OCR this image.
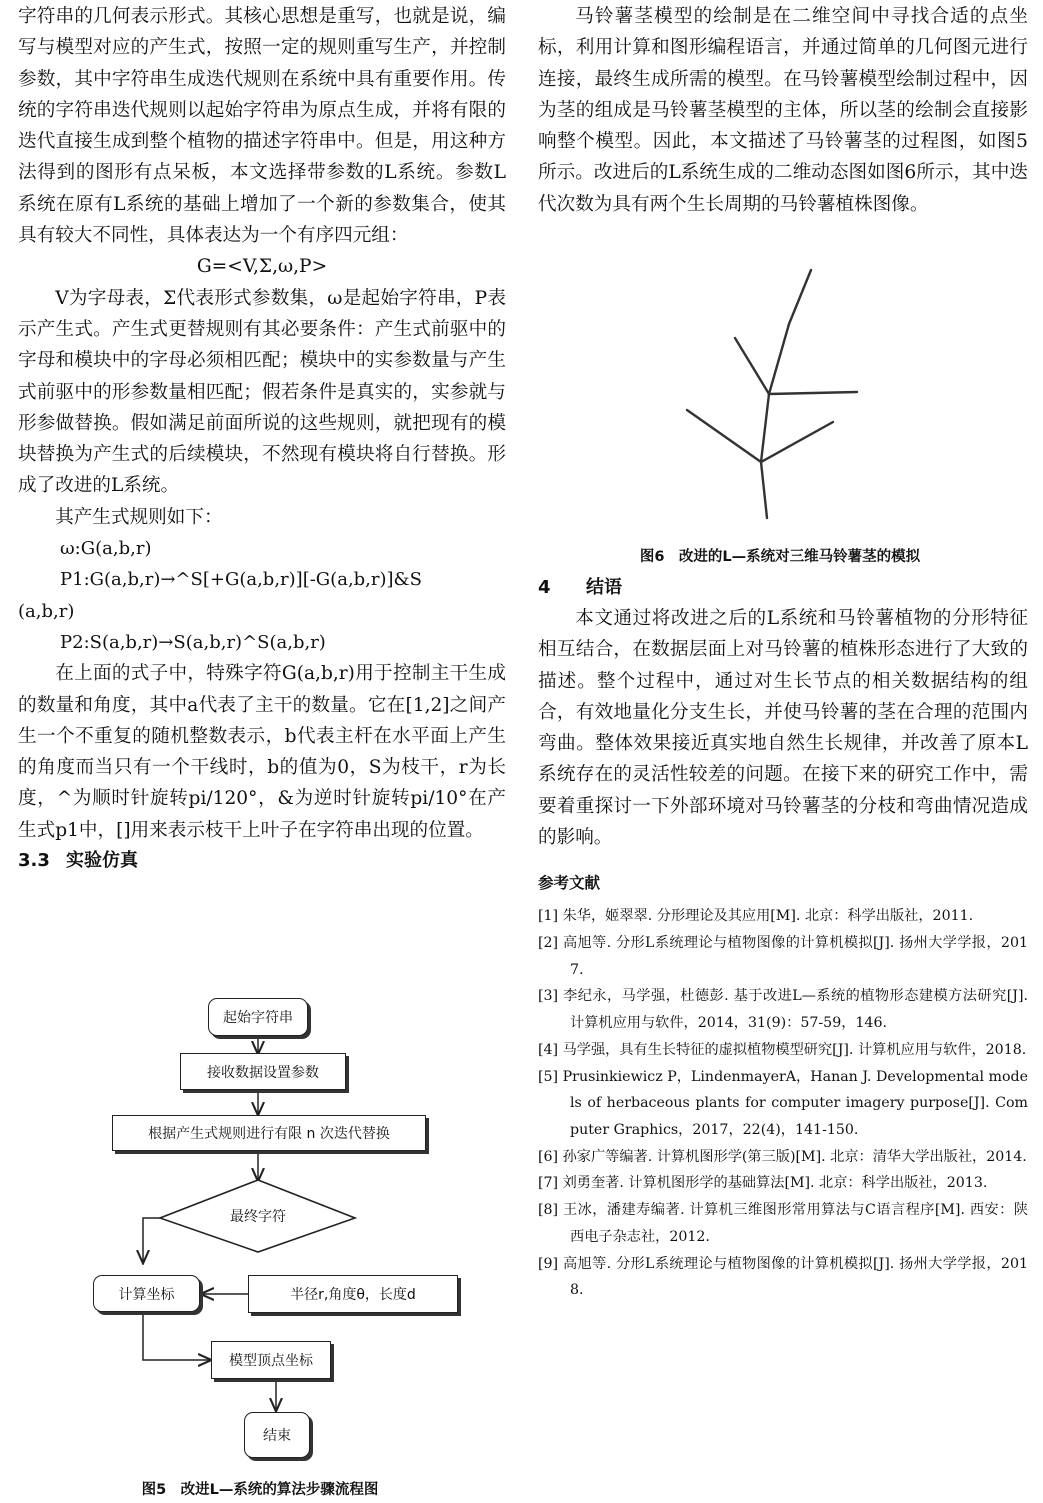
字符串的几何表示形式。其核心思想是重写，也就是说，编写与模型对应的产生式，按照一定的规则重写生产，并控制参数，其中字符串生成迭代规则在系统中具有重要作用。传统的字符串迭代规则以起始字符串为原点生成，并将有限的迭代直接生成到整个植物的描述字符串中。但是，用这种方法得到的图形有点呆板，本文选择带参数的L系统。参数L系统在原有L系统的基础上增加了一个新的参数集合，使其具有较大不同性，具体表达为一个有序四元组：

G=<V,Σ,ω,P>

V为字母表，Σ代表形式参数集，ω是起始字符串，P表示产生式。产生式更替规则有其必要条件：产生式前驱中的字母和模块中的字母必须相匹配；模块中的实参数量与产生式前驱中的形参数量相匹配；假若条件是真实的，实参就与形参做替换。假如满足前面所说的这些规则，就把现有的模块替换为产生式的后续模块，不然现有模块将自行替换。形成了改进的L系统。

其产生式规则如下：

ω:G(a,b,r)

P1:G(a,b,r)→^S[+G(a,b,r)][-G(a,b,r)]&S

(a,b,r)

P2:S(a,b,r)→S(a,b,r)^S(a,b,r)

在上面的式子中，特殊字符G(a,b,r)用于控制主干生成的数量和角度，其中a代表了主干的数量。它在[1,2]之间产生一个不重复的随机整数表示，b代表主杆在水平面上产生的角度而当只有一个干线时，b的值为0，S为枝干，r为长度，^为顺时针旋转pi/120°，&为逆时针旋转pi/10°在产生式p1中，[]用来表示枝干上叶子在字符串出现的位置。

3.3 实验仿真

起始字符串
接收数据设置参数
根据产生式规则进行有限 n 次迭代替换
最终字符
计算坐标	半径r,角度θ，长度d
模型顶点坐标
结束
图5　改进L—系统的算法步骤流程图

马铃薯茎模型的绘制是在二维空间中寻找合适的点坐标，利用计算和图形编程语言，并通过简单的几何图元进行连接，最终生成所需的模型。在马铃薯模型绘制过程中，因为茎的组成是马铃薯茎模型的主体，所以茎的绘制会直接影响整个模型。因此，本文描述了马铃薯茎的过程图，如图5所示。改进后的L系统生成的二维动态图如图6所示，其中迭代次数为具有两个生长周期的马铃薯植株图像。

图6　改进的L—系统对三维马铃薯茎的模拟

4 结语

本文通过将改进之后的L系统和马铃薯植物的分形特征相互结合，在数据层面上对马铃薯的植株形态进行了大致的描述。整个过程中，通过对生长节点的相关数据结构的组合，有效地量化分支生长，并使马铃薯的茎在合理的范围内弯曲。整体效果接近真实地自然生长规律，并改善了原本L系统存在的灵活性较差的问题。在接下来的研究工作中，需要着重探讨一下外部环境对马铃薯茎的分枝和弯曲情况造成的影响。

参考文献

[1] 朱华，姬翠翠. 分形理论及其应用[M]. 北京：科学出版社，2011.

[2] 高旭等. 分形L系统理论与植物图像的计算机模拟[J]. 扬州大学学报，2017.

[3] 李纪永，马学强，杜德彭. 基于改进L—系统的植物形态建模方法研究[J]. 计算机应用与软件，2014，31(9)：57-59，146.

[4] 马学强，具有生长特征的虚拟植物模型研究[J]. 计算机应用与软件，2018.

[5] Prusinkiewicz P，LindenmayerA，Hanan J. Developmental models of herbaceous plants for computer imagery purpose[J]. Computer Graphics，2017，22(4)，141-150.

[6] 孙家广等编著. 计算机图形学(第三版)[M]. 北京：清华大学出版社，2014.

[7] 刘勇奎著. 计算机图形学的基础算法[M]. 北京：科学出版社，2013.

[8] 王冰，潘建寿编著. 计算机三维图形常用算法与C语言程序[M]. 西安：陕西电子杂志社，2012.

[9] 高旭等. 分形L系统理论与植物图像的计算机模拟[J]. 扬州大学学报，2018.
